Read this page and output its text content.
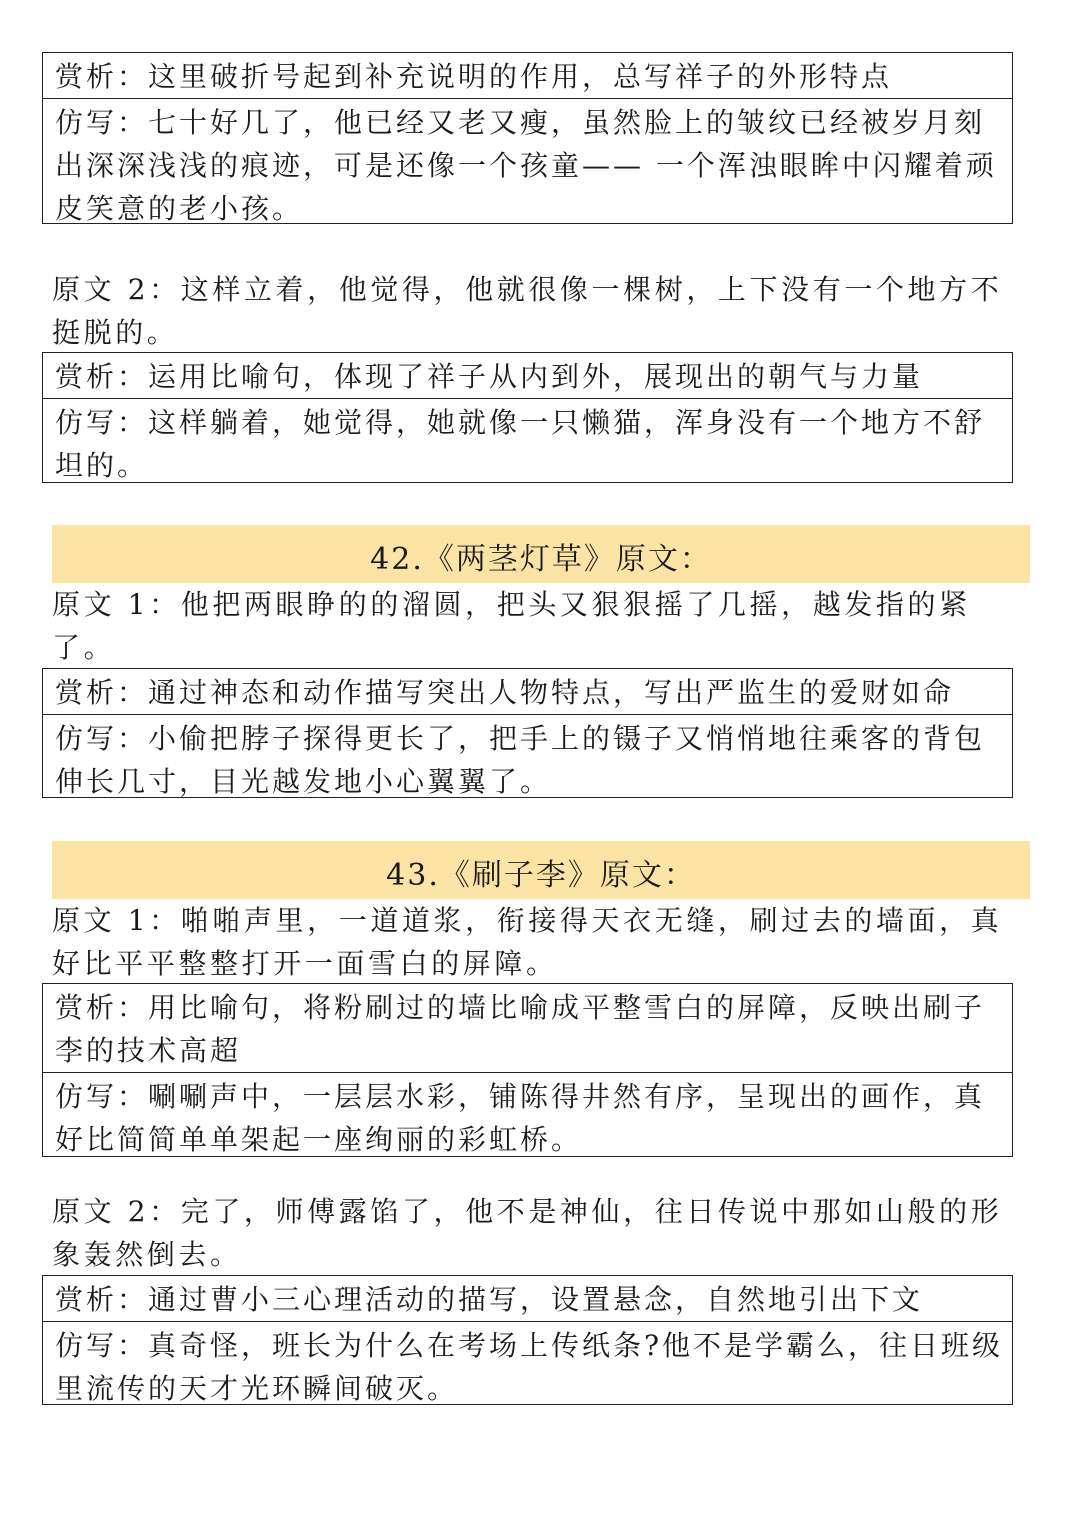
赏析：这里破折号起到补充说明的作用，总写祥子的外形特点
仿写：七十好几了，他已经又老又瘦，虽然脸上的皱纹已经被岁月刻出深深浅浅的痕迹，可是还像一个孩童—— 一个浑浊眼眸中闪耀着顽皮笑意的老小孩。
原文 2：这样立着，他觉得，他就很像一棵树，上下没有一个地方不挺脱的。
赏析：运用比喻句，体现了祥子从内到外，展现出的朝气与力量
仿写：这样躺着，她觉得，她就像一只懒猫，浑身没有一个地方不舒坦的。
42.《两茎灯草》原文：
原文 1：他把两眼睁的的溜圆，把头又狠狠摇了几摇，越发指的紧了。
赏析：通过神态和动作描写突出人物特点，写出严监生的爱财如命
仿写：小偷把脖子探得更长了，把手上的镊子又悄悄地往乘客的背包伸长几寸，目光越发地小心翼翼了。
43.《刷子李》原文：
原文 1：啪啪声里，一道道浆，衔接得天衣无缝，刷过去的墙面，真好比平平整整打开一面雪白的屏障。
赏析：用比喻句，将粉刷过的墙比喻成平整雪白的屏障，反映出刷子李的技术高超
仿写：唰唰声中，一层层水彩，铺陈得井然有序，呈现出的画作，真好比简简单单架起一座绚丽的彩虹桥。
原文 2：完了，师傅露馅了，他不是神仙，往日传说中那如山般的形象轰然倒去。
赏析：通过曹小三心理活动的描写，设置悬念，自然地引出下文
仿写：真奇怪，班长为什么在考场上传纸条?他不是学霸么，往日班级里流传的天才光环瞬间破灭。
